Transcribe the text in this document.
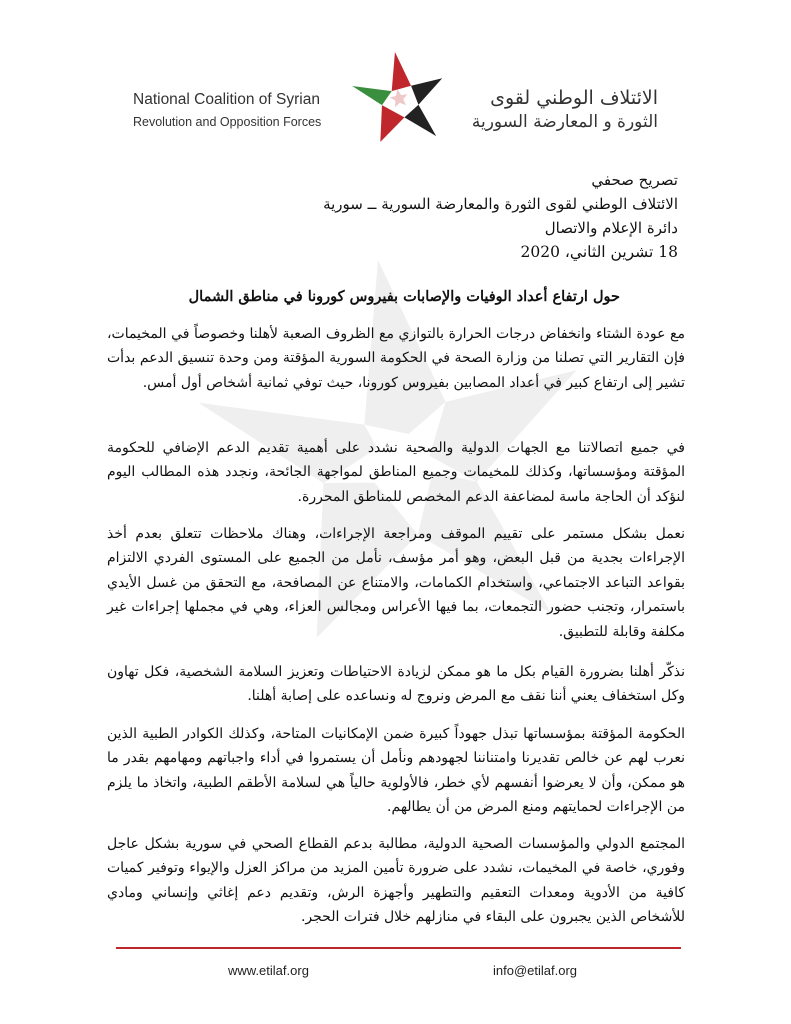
National Coalition of Syrian
Revolution and Opposition Forces
الائتلاف الوطني لقوى
الثورة و المعارضة السورية
تصريح صحفي
الائتلاف الوطني لقوى الثورة والمعارضة السورية ــ سورية
دائرة الإعلام والاتصال
18 تشرين الثاني، 2020
حول ارتفاع أعداد الوفيات والإصابات بفيروس كورونا في مناطق الشمال

مع عودة الشتاء وانخفاض درجات الحرارة بالتوازي مع الظروف الصعبة لأهلنا وخصوصاً في المخيمات، فإن التقارير التي تصلنا من وزارة الصحة في الحكومة السورية المؤقتة ومن وحدة تنسيق الدعم بدأت تشير إلى ارتفاع كبير في أعداد المصابين بفيروس كورونا، حيث توفي ثمانية أشخاص أول أمس.

في جميع اتصالاتنا مع الجهات الدولية والصحية نشدد على أهمية تقديم الدعم الإضافي للحكومة المؤقتة ومؤسساتها، وكذلك للمخيمات وجميع المناطق لمواجهة الجائحة، ونجدد هذه المطالب اليوم لنؤكد أن الحاجة ماسة لمضاعفة الدعم المخصص للمناطق المحررة.

نعمل بشكل مستمر على تقييم الموقف ومراجعة الإجراءات، وهناك ملاحظات تتعلق بعدم أخذ الإجراءات بجدية من قبل البعض، وهو أمر مؤسف، نأمل من الجميع على المستوى الفردي الالتزام بقواعد التباعد الاجتماعي، واستخدام الكمامات، والامتناع عن المصافحة، مع التحقق من غسل الأيدي باستمرار، وتجنب حضور التجمعات، بما فيها الأعراس ومجالس العزاء، وهي في مجملها إجراءات غير مكلفة وقابلة للتطبيق.

نذكّر أهلنا بضرورة القيام بكل ما هو ممكن لزيادة الاحتياطات وتعزيز السلامة الشخصية، فكل تهاون وكل استخفاف يعني أننا نقف مع المرض ونروج له ونساعده على إصابة أهلنا.

الحكومة المؤقتة بمؤسساتها تبذل جهوداً كبيرة ضمن الإمكانيات المتاحة، وكذلك الكوادر الطبية الذين نعرب لهم عن خالص تقديرنا وامتناننا لجهودهم ونأمل أن يستمروا في أداء واجباتهم ومهامهم بقدر ما هو ممكن، وأن لا يعرضوا أنفسهم لأي خطر، فالأولوية حالياً هي لسلامة الأطقم الطبية، واتخاذ ما يلزم من الإجراءات لحمايتهم ومنع المرض من أن يطالهم.

المجتمع الدولي والمؤسسات الصحية الدولية، مطالبة بدعم القطاع الصحي في سورية بشكل عاجل وفوري، خاصة في المخيمات، نشدد على ضرورة تأمين المزيد من مراكز العزل والإيواء وتوفير كميات كافية من الأدوية ومعدات التعقيم والتطهير وأجهزة الرش، وتقديم دعم إغاثي وإنساني ومادي للأشخاص الذين يجبرون على البقاء في منازلهم خلال فترات الحجر.

www.etilaf.org	info@etilaf.org
